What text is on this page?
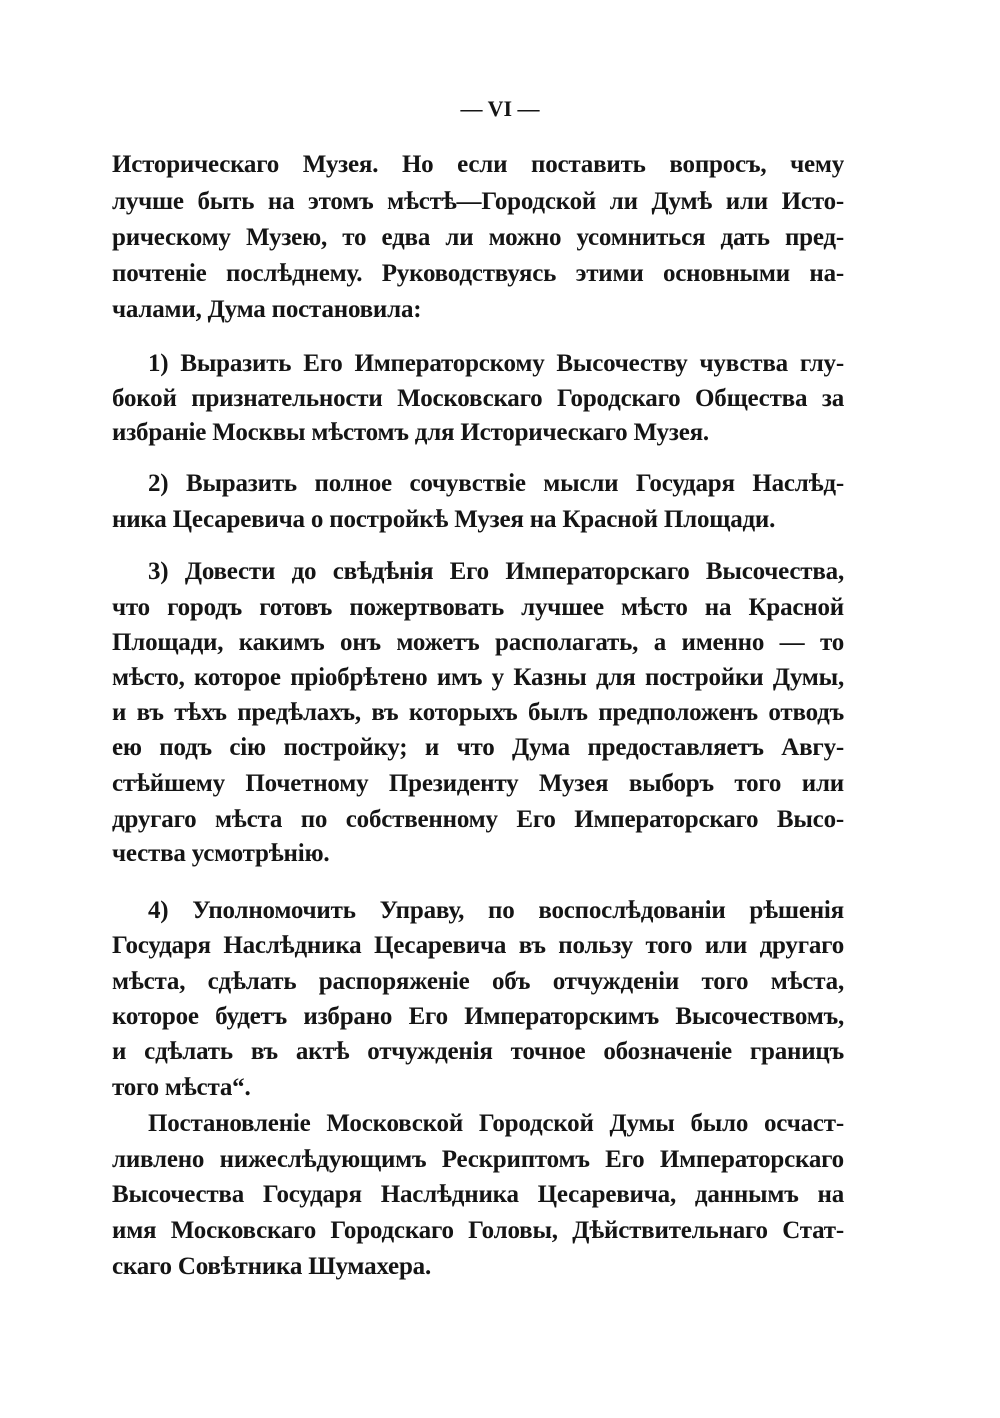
— VI —
Историческаго Музея. Но если поставить вопросъ, чему
лучше быть на этомъ мѣстѣ—Городской ли Думѣ или Исто-
рическому Музею, то едва ли можно усомниться дать пред-
почтеніе послѣднему. Руководствуясь этими основными на-
чалами, Дума постановила:
1) Выразить Его Императорскому Высочеству чувства глу-
бокой признательности Московскаго Городскаго Общества за
избраніе Москвы мѣстомъ для Историческаго Музея.
2) Выразить полное сочувствіе мысли Государя Наслѣд-
ника Цесаревича о постройкѣ Музея на Красной Площади.
3) Довести до свѣдѣнія Его Императорскаго Высочества,
что городъ готовъ пожертвовать лучшее мѣсто на Красной
Площади, какимъ онъ можетъ располагать, а именно — то
мѣсто, которое пріобрѣтено имъ у Казны для постройки Думы,
и въ тѣхъ предѣлахъ, въ которыхъ былъ предположенъ отводъ
ею подъ сію постройку; и что Дума предоставляетъ Авгу-
стѣйшему Почетному Президенту Музея выборъ того или
другаго мѣста по собственному Его Императорскаго Высо-
чества усмотрѣнію.
4) Уполномочить Управу, по воспослѣдованіи рѣшенія
Государя Наслѣдника Цесаревича въ пользу того или другаго
мѣста, сдѣлать распоряженіе объ отчужденіи того мѣста,
которое будетъ избрано Его Императорскимъ Высочествомъ,
и сдѣлать въ актѣ отчужденія точное обозначеніе границъ
того мѣста“.
Постановленіе Московской Городской Думы было осчаст-
ливлено нижеслѣдующимъ Рескриптомъ Его Императорскаго
Высочества Государя Наслѣдника Цесаревича, даннымъ на
имя Московскаго Городскаго Головы, Дѣйствительнаго Стат-
скаго Совѣтника Шумахера.
